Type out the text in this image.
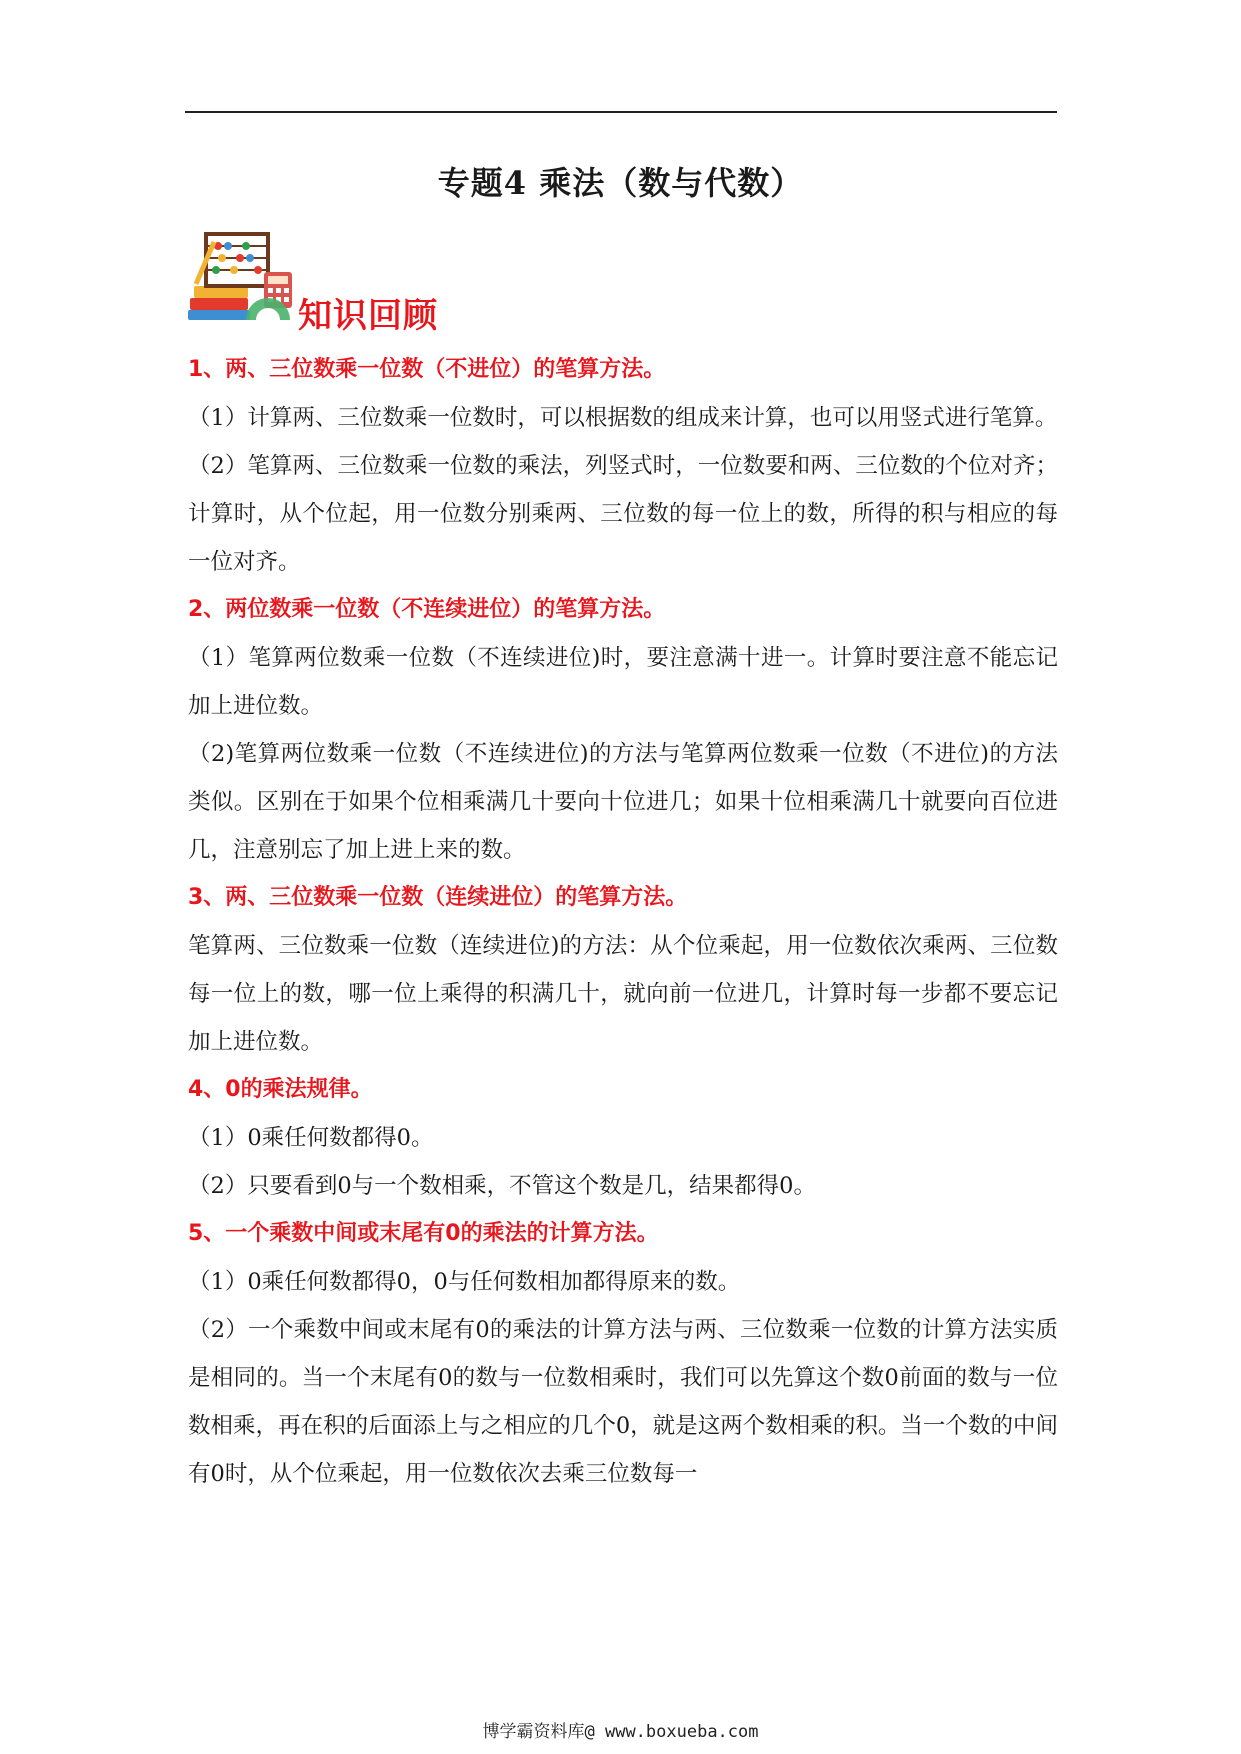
专题4 乘法（数与代数）
知识回顾
1、两、三位数乘一位数（不进位）的笔算方法。
（1）计算两、三位数乘一位数时，可以根据数的组成来计算，也可以用竖式进行笔算。
（2）笔算两、三位数乘一位数的乘法，列竖式时，一位数要和两、三位数的个位对齐；计算时，从个位起，用一位数分别乘两、三位数的每一位上的数，所得的积与相应的每一位对齐。
2、两位数乘一位数（不连续进位）的笔算方法。
（1）笔算两位数乘一位数（不连续进位)时，要注意满十进一。计算时要注意不能忘记加上进位数。
（2)笔算两位数乘一位数（不连续进位)的方法与笔算两位数乘一位数（不进位)的方法类似。区别在于如果个位相乘满几十要向十位进几；如果十位相乘满几十就要向百位进几，注意别忘了加上进上来的数。
3、两、三位数乘一位数（连续进位）的笔算方法。
笔算两、三位数乘一位数（连续进位)的方法：从个位乘起，用一位数依次乘两、三位数每一位上的数，哪一位上乘得的积满几十，就向前一位进几，计算时每一步都不要忘记加上进位数。
4、0的乘法规律。
（1）0乘任何数都得0。
（2）只要看到0与一个数相乘，不管这个数是几，结果都得0。
5、一个乘数中间或末尾有0的乘法的计算方法。
（1）0乘任何数都得0，0与任何数相加都得原来的数。
（2）一个乘数中间或末尾有0的乘法的计算方法与两、三位数乘一位数的计算方法实质是相同的。当一个末尾有0的数与一位数相乘时，我们可以先算这个数0前面的数与一位数相乘，再在积的后面添上与之相应的几个0，就是这两个数相乘的积。当一个数的中间有0时，从个位乘起，用一位数依次去乘三位数每一
博学霸资料库@ www.boxueba.com
